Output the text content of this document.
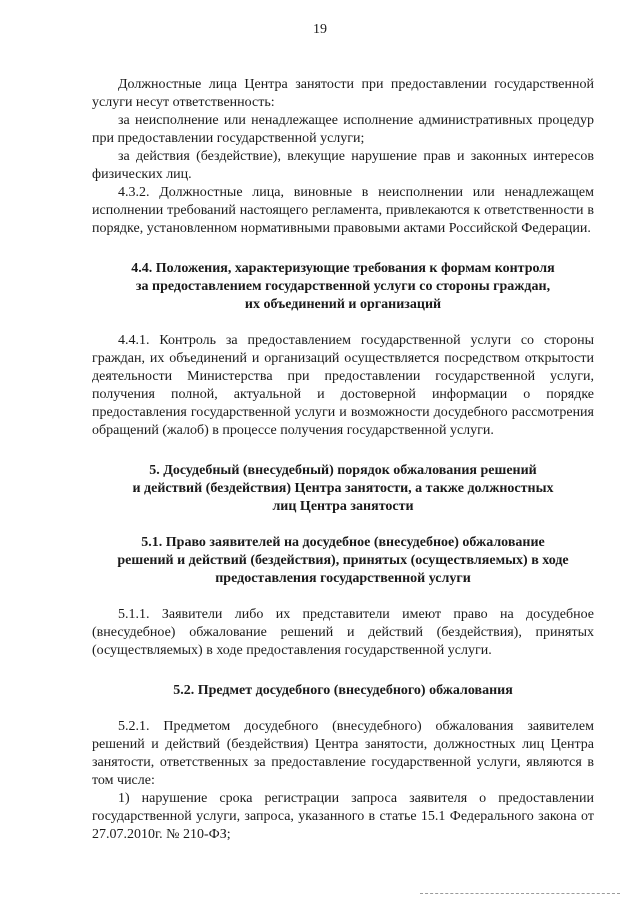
19

Должностные лица Центра занятости при предоставлении государственной услуги несут ответственность:

за неисполнение или ненадлежащее исполнение административных процедур при предоставлении государственной услуги;

за действия (бездействие), влекущие нарушение прав и законных интересов физических лиц.

4.3.2. Должностные лица, виновные в неисполнении или ненадлежащем исполнении требований настоящего регламента, привлекаются к ответственности в порядке, установленном нормативными правовыми актами Российской Федерации.

4.4. Положения, характеризующие требования к формам контроля

за предоставлением государственной услуги со стороны граждан,

их объединений и организаций

4.4.1. Контроль за предоставлением государственной услуги со стороны граждан, их объединений и организаций осуществляется посредством открытости деятельности Министерства при предоставлении государственной услуги, получения полной, актуальной и достоверной информации о порядке предоставления государственной услуги и возможности досудебного рассмотрения обращений (жалоб) в процессе получения государственной услуги.

5. Досудебный (внесудебный) порядок обжалования решений

и действий (бездействия) Центра занятости, а также должностных

лиц Центра занятости

5.1. Право заявителей на досудебное (внесудебное) обжалование

решений и действий (бездействия), принятых (осуществляемых) в ходе

предоставления государственной услуги

5.1.1. Заявители либо их представители имеют право на досудебное (внесудебное) обжалование решений и действий (бездействия), принятых (осуществляемых) в ходе предоставления государственной услуги.

5.2. Предмет досудебного (внесудебного) обжалования

5.2.1. Предметом досудебного (внесудебного) обжалования заявителем решений и действий (бездействия) Центра занятости, должностных лиц Центра занятости, ответственных за предоставление государственной услуги, являются в том числе:

1) нарушение срока регистрации запроса заявителя о предоставлении государственной услуги, запроса, указанного в статье 15.1 Федерального закона от 27.07.2010г. № 210-ФЗ;
